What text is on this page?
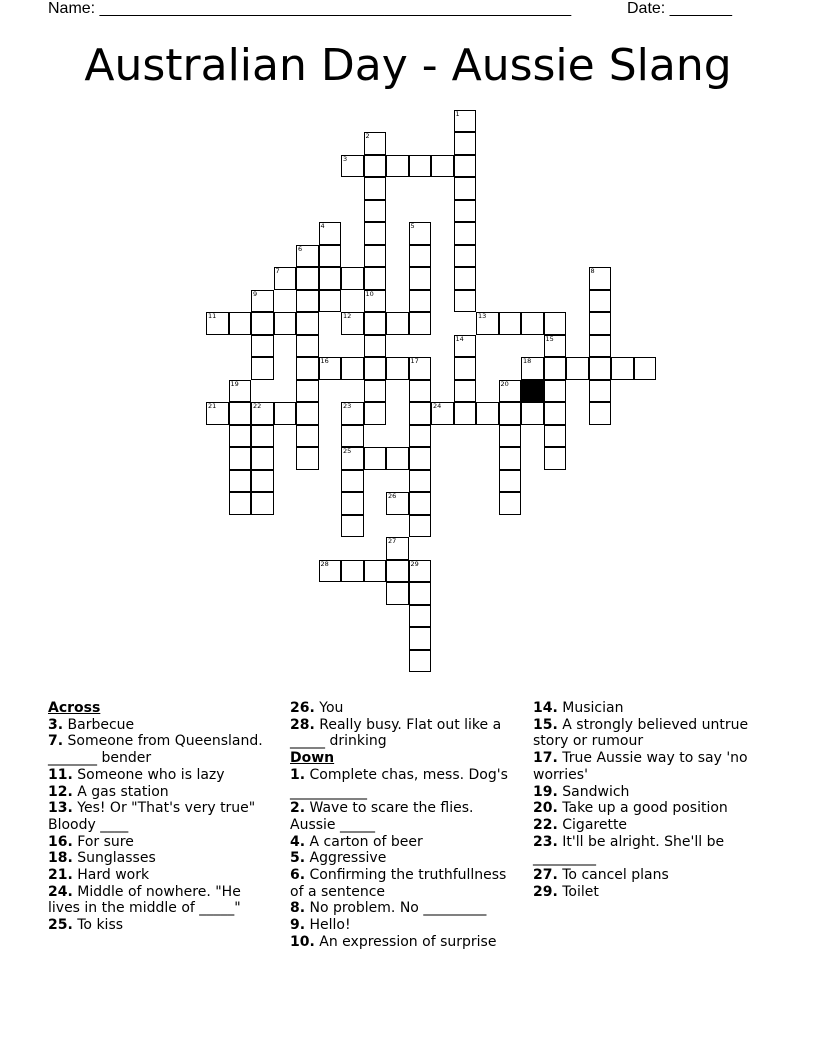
Name: _____________________________________________________	Date: _______
Australian Day - Aussie Slang
1
2
3
11
9
4	5
6
7	8
10
12	13
14	15
16	17	18
19	20
21	22	23	24
25
26
27
28	29
Across
3. Barbecue
7. Someone from Queensland. _______ bender
11. Someone who is lazy
12. A gas station
13. Yes! Or "That's very true" Bloody ____
16. For sure
18. Sunglasses
21. Hard work
24. Middle of nowhere. "He lives in the middle of _____"
25. To kiss
26. You
28. Really busy. Flat out like a _____ drinking
Down
1. Complete chas, mess. Dog's ___________
2. Wave to scare the flies. Aussie _____
4. A carton of beer
5. Aggressive
6. Confirming the truthfullness of a sentence
8. No problem. No _________
9. Hello!
10. An expression of surprise
14. Musician
15. A strongly believed untrue story or rumour
17. True Aussie way to say 'no worries'
19. Sandwich
20. Take up a good position
22. Cigarette
23. It'll be alright. She'll be _________
27. To cancel plans
29. Toilet
